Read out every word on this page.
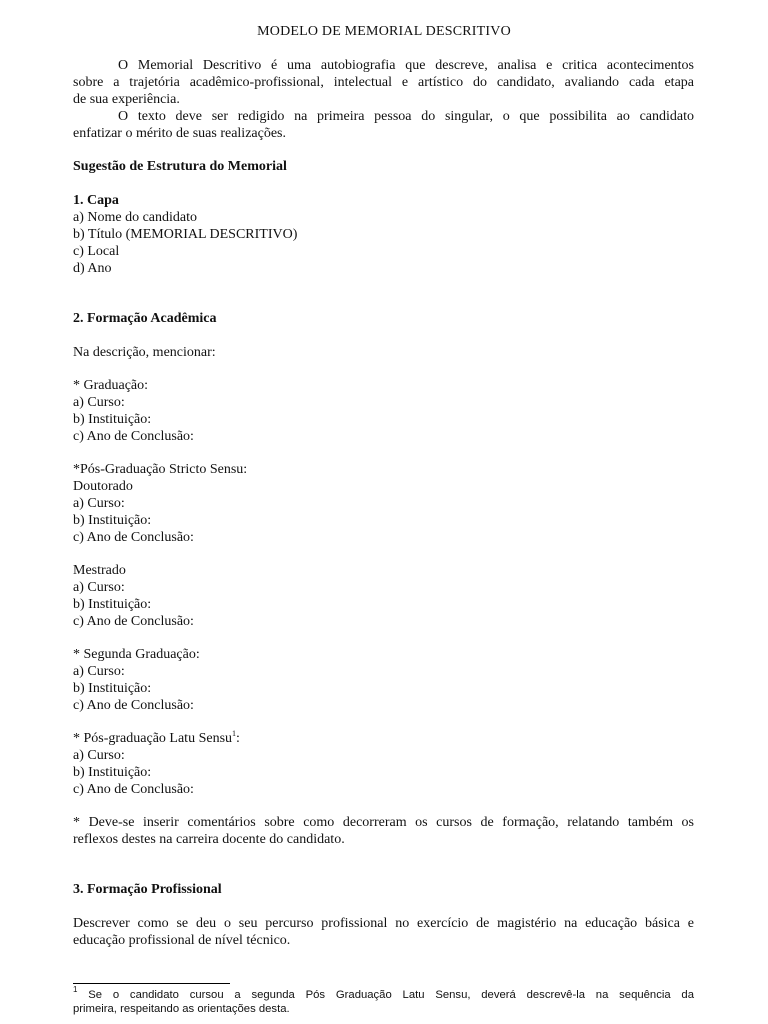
MODELO DE MEMORIAL DESCRITIVO
O Memorial Descritivo é uma autobiografia que descreve, analisa e critica acontecimentos
sobre a trajetória acadêmico-profissional, intelectual e artístico do candidato, avaliando cada etapa
de sua experiência.
O texto deve ser redigido na primeira pessoa do singular, o que possibilita ao candidato
enfatizar o mérito de suas realizações.
Sugestão de Estrutura do Memorial
1. Capa
a) Nome do candidato
b) Título (MEMORIAL DESCRITIVO)
c) Local
d) Ano
2. Formação Acadêmica
Na descrição, mencionar:
* Graduação:
a) Curso:
b) Instituição:
c) Ano de Conclusão:
*Pós-Graduação Stricto Sensu:
Doutorado
a) Curso:
b) Instituição:
c) Ano de Conclusão:
Mestrado
a) Curso:
b) Instituição:
c) Ano de Conclusão:
* Segunda Graduação:
a) Curso:
b) Instituição:
c) Ano de Conclusão:
* Pós-graduação Latu Sensu$^1$:
a) Curso:
b) Instituição:
c) Ano de Conclusão:
* Deve-se inserir comentários sobre como decorreram os cursos de formação, relatando também os
reflexos destes na carreira docente do candidato.
3. Formação Profissional
Descrever como se deu o seu percurso profissional no exercício de magistério na educação básica e
educação profissional de nível técnico.
$^1$ Se o candidato cursou a segunda Pós Graduação Latu Sensu, deverá descrevê-la na sequência da
primeira, respeitando as orientações desta.
